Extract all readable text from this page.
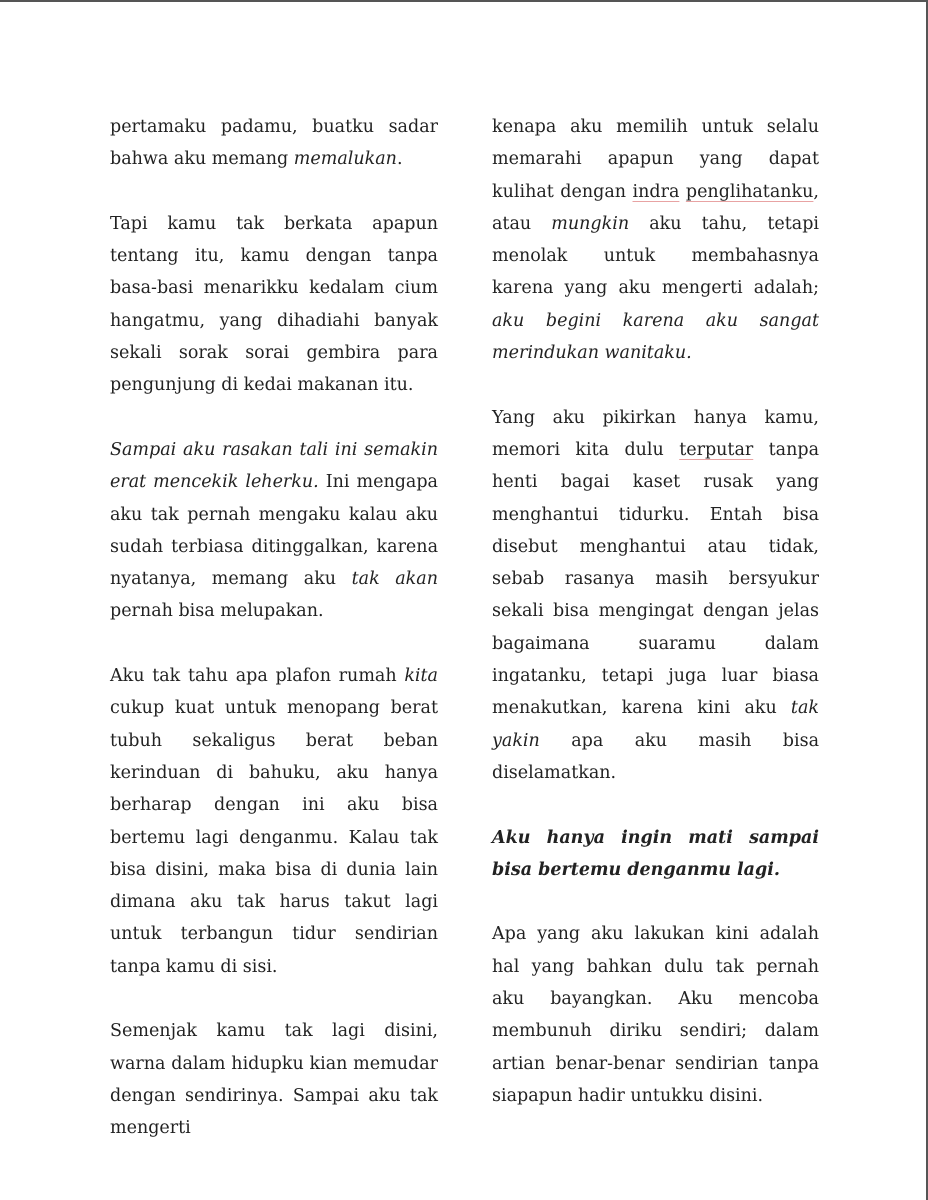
pertamaku padamu, buatku sadar bahwa aku memang memalukan.

Tapi kamu tak berkata apapun tentang itu, kamu dengan tanpa basa-basi menarikku kedalam cium hangatmu, yang dihadiahi banyak sekali sorak sorai gembira para pengunjung di kedai makanan itu.

Sampai aku rasakan tali ini semakin erat mencekik leherku. Ini mengapa aku tak pernah mengaku kalau aku sudah terbiasa ditinggalkan, karena nyatanya, memang aku tak akan pernah bisa melupakan.

Aku tak tahu apa plafon rumah kita cukup kuat untuk menopang berat tubuh sekaligus berat beban kerinduan di bahuku, aku hanya berharap dengan ini aku bisa bertemu lagi denganmu. Kalau tak bisa disini, maka bisa di dunia lain dimana aku tak harus takut lagi untuk terbangun tidur sendirian tanpa kamu di sisi.

Semenjak kamu tak lagi disini, warna dalam hidupku kian memudar dengan sendirinya. Sampai aku tak mengerti

kenapa aku memilih untuk selalu memarahi apapun yang dapat kulihat dengan indra penglihatanku, atau mungkin aku tahu, tetapi menolak untuk membahasnya karena yang aku mengerti adalah; aku begini karena aku sangat merindukan wanitaku.

Yang aku pikirkan hanya kamu, memori kita dulu terputar tanpa henti bagai kaset rusak yang menghantui tidurku. Entah bisa disebut menghantui atau tidak, sebab rasanya masih bersyukur sekali bisa mengingat dengan jelas bagaimana suaramu dalam ingatanku, tetapi juga luar biasa menakutkan, karena kini aku tak yakin apa aku masih bisa diselamatkan.

Aku hanya ingin mati sampai bisa bertemu denganmu lagi.

Apa yang aku lakukan kini adalah hal yang bahkan dulu tak pernah aku bayangkan. Aku mencoba membunuh diriku sendiri; dalam artian benar-benar sendirian tanpa siapapun hadir untukku disini.
